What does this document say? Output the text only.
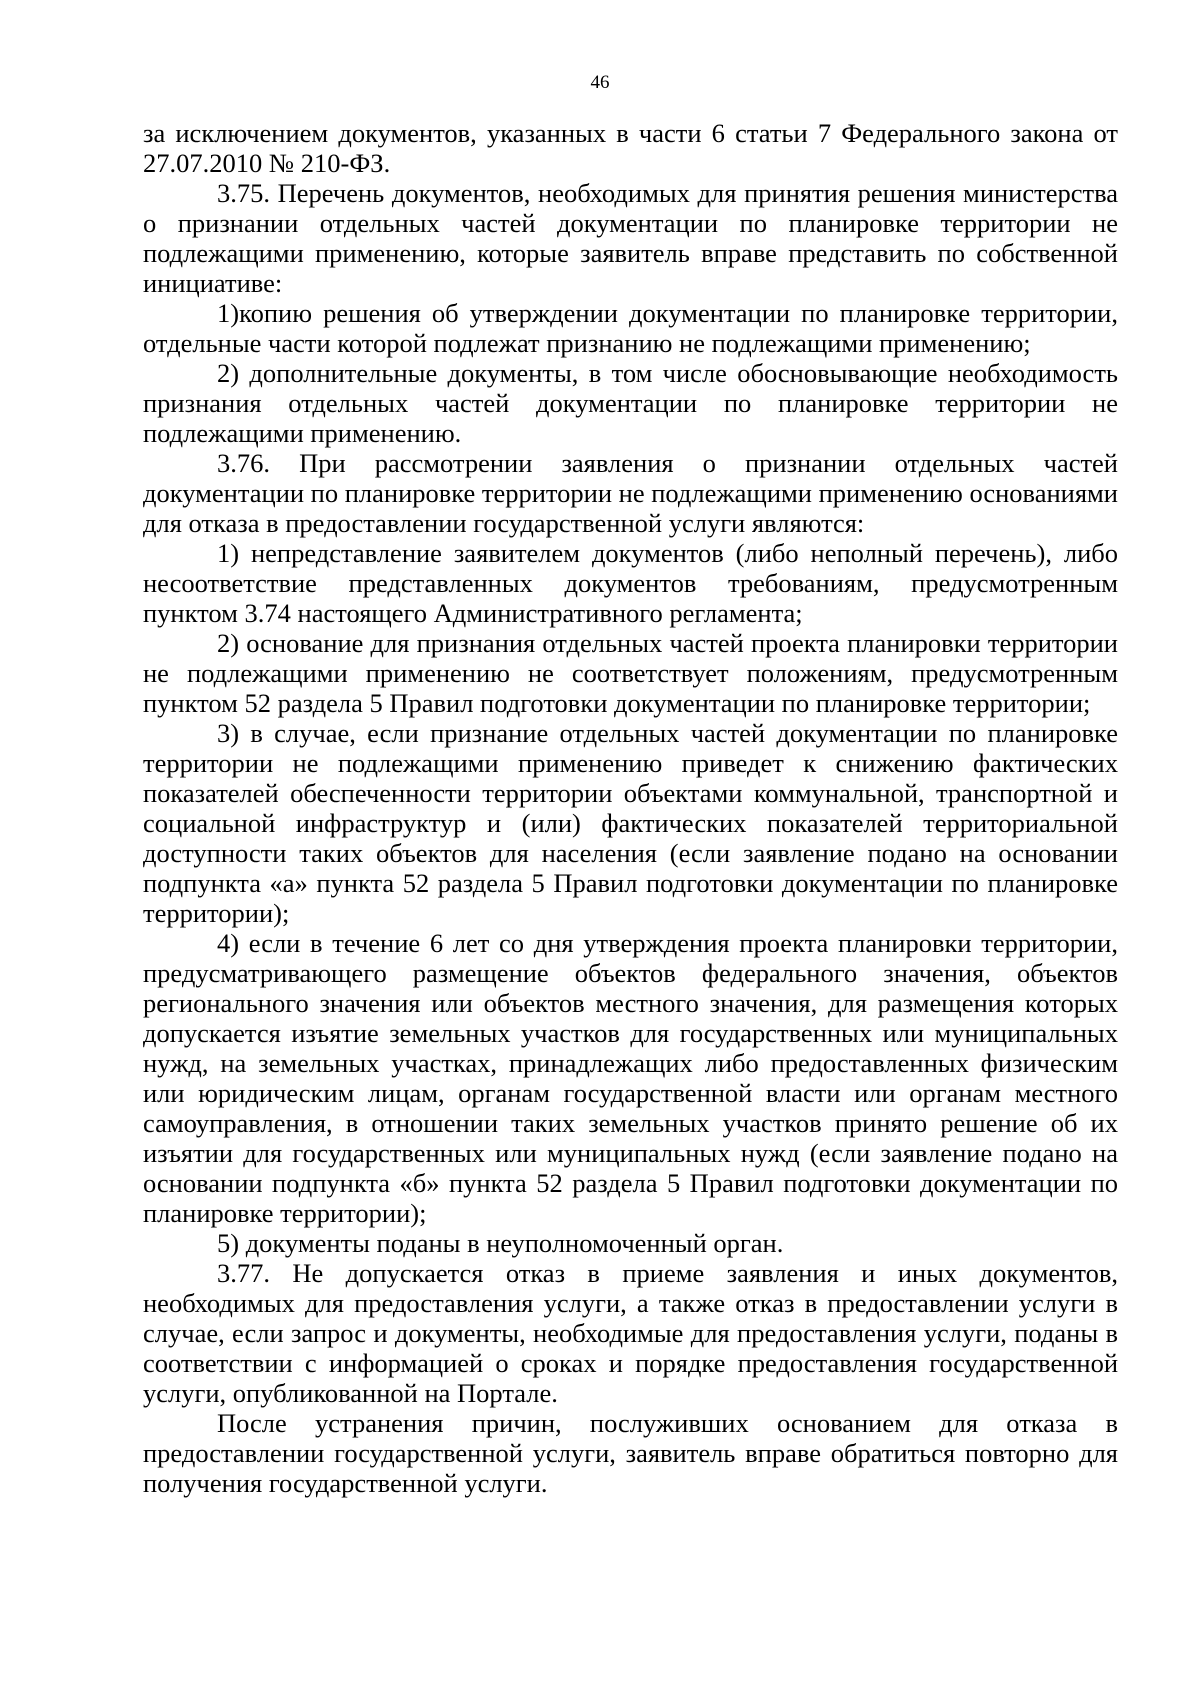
46

за исключением документов, указанных в части 6 статьи 7 Федерального закона от 27.07.2010 № 210-ФЗ.

3.75. Перечень документов, необходимых для принятия решения министерства о признании отдельных частей документации по планировке территории не подлежащими применению, которые заявитель вправе представить по собственной инициативе:

1)копию решения об утверждении документации по планировке территории, отдельные части которой подлежат признанию не подлежащими применению;

2) дополнительные документы, в том числе обосновывающие необходимость признания отдельных частей документации по планировке территории не подлежащими применению.

3.76. При рассмотрении заявления о признании отдельных частей документации по планировке территории не подлежащими применению основаниями для отказа в предоставлении государственной услуги являются:

1) непредставление заявителем документов (либо неполный перечень), либо несоответствие представленных документов требованиям, предусмотренным пунктом 3.74 настоящего Административного регламента;

2) основание для признания отдельных частей проекта планировки территории не подлежащими применению не соответствует положениям, предусмотренным пунктом 52 раздела 5 Правил подготовки документации по планировке территории;

3) в случае, если признание отдельных частей документации по планировке территории не подлежащими применению приведет к снижению фактических показателей обеспеченности территории объектами коммунальной, транспортной и социальной инфраструктур и (или) фактических показателей территориальной доступности таких объектов для населения (если заявление подано на основании подпункта «а» пункта 52 раздела 5 Правил подготовки документации по планировке территории);

4) если в течение 6 лет со дня утверждения проекта планировки территории, предусматривающего размещение объектов федерального значения, объектов регионального значения или объектов местного значения, для размещения которых допускается изъятие земельных участков для государственных или муниципальных нужд, на земельных участках, принадлежащих либо предоставленных физическим или юридическим лицам, органам государственной власти или органам местного самоуправления, в отношении таких земельных участков принято решение об их изъятии для государственных или муниципальных нужд (если заявление подано на основании подпункта «б» пункта 52 раздела 5 Правил подготовки документации по планировке территории);

5) документы поданы в неуполномоченный орган.

3.77. Не допускается отказ в приеме заявления и иных документов, необходимых для предоставления услуги, а также отказ в предоставлении услуги в случае, если запрос и документы, необходимые для предоставления услуги, поданы в соответствии с информацией о сроках и порядке предоставления государственной услуги, опубликованной на Портале.

После устранения причин, послуживших основанием для отказа в предоставлении государственной услуги, заявитель вправе обратиться повторно для получения государственной услуги.
